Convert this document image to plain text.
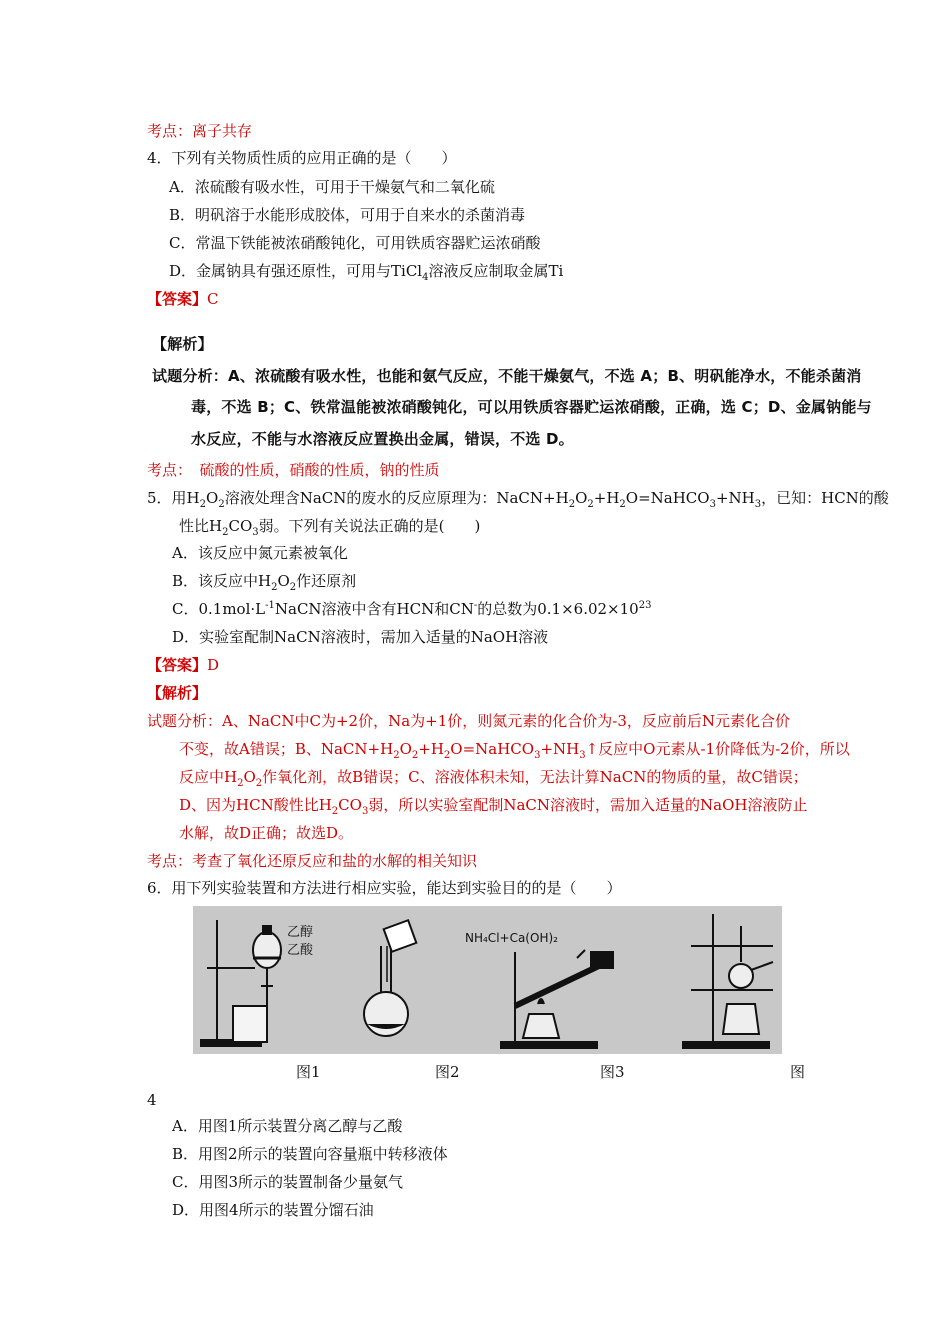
考点：离子共存
4．下列有关物质性质的应用正确的是（　　）
A．浓硫酸有吸水性，可用于干燥氨气和二氧化硫
B．明矾溶于水能形成胶体，可用于自来水的杀菌消毒
C．常温下铁能被浓硝酸钝化，可用铁质容器贮运浓硝酸
D．金属钠具有强还原性，可用与TiCl$_4$溶液反应制取金属Ti
【答案】C
【解析】
试题分析：A、浓硫酸有吸水性，也能和氨气反应，不能干燥氨气，不选 A；B、明矾能净水，不能杀菌消
毒，不选 B；C、铁常温能被浓硝酸钝化，可以用铁质容器贮运浓硝酸，正确，选 C；D、金属钠能与
水反应，不能与水溶液反应置换出金属，错误，不选 D。
考点：　硫酸的性质，硝酸的性质，钠的性质
5．用$H_2O_2$溶液处理含NaCN的废水的反应原理为：$NaCN+H_2O_2+H_2O=NaHCO_3+NH_3$，已知：HCN的酸
性比$H_2CO_3$弱。下列有关说法正确的是(　　)
A．该反应中氮元素被氧化
B．该反应中$H_2O_2$作还原剂
C．$0.1mol\cdot L^{-1}NaCN$溶液中含有HCN和CN-的总数为$0.1\times 6.02\times 10^{23}$
D．实验室配制NaCN溶液时，需加入适量的NaOH溶液
【答案】D
【解析】
试题分析：A、NaCN中C为+2价，Na为+1价，则氮元素的化合价为-3，反应前后N元素化合价
不变，故A错误；B、$NaCN+H_2O_2+H_2O=NaHCO_3+NH_3↑$反应中O元素从-1价降低为-2价，所以
反应中$H_2O_2$作氧化剂，故B错误；C、溶液体积未知，无法计算NaCN的物质的量，故C错误；
D、因为HCN酸性比$H_2CO_3$弱，所以实验室配制NaCN溶液时，需加入适量的NaOH溶液防止
水解，故D正确；故选D。
考点：考查了氧化还原反应和盐的水解的相关知识
6．用下列实验装置和方法进行相应实验，能达到实验目的的是（　　）
乙醇
乙酸
NH₄Cl+Ca(OH)₂
图1	图2	图3	图
4
A．用图1所示装置分离乙醇与乙酸
B．用图2所示的装置向容量瓶中转移液体
C．用图3所示的装置制备少量氨气
D．用图4所示的装置分馏石油
